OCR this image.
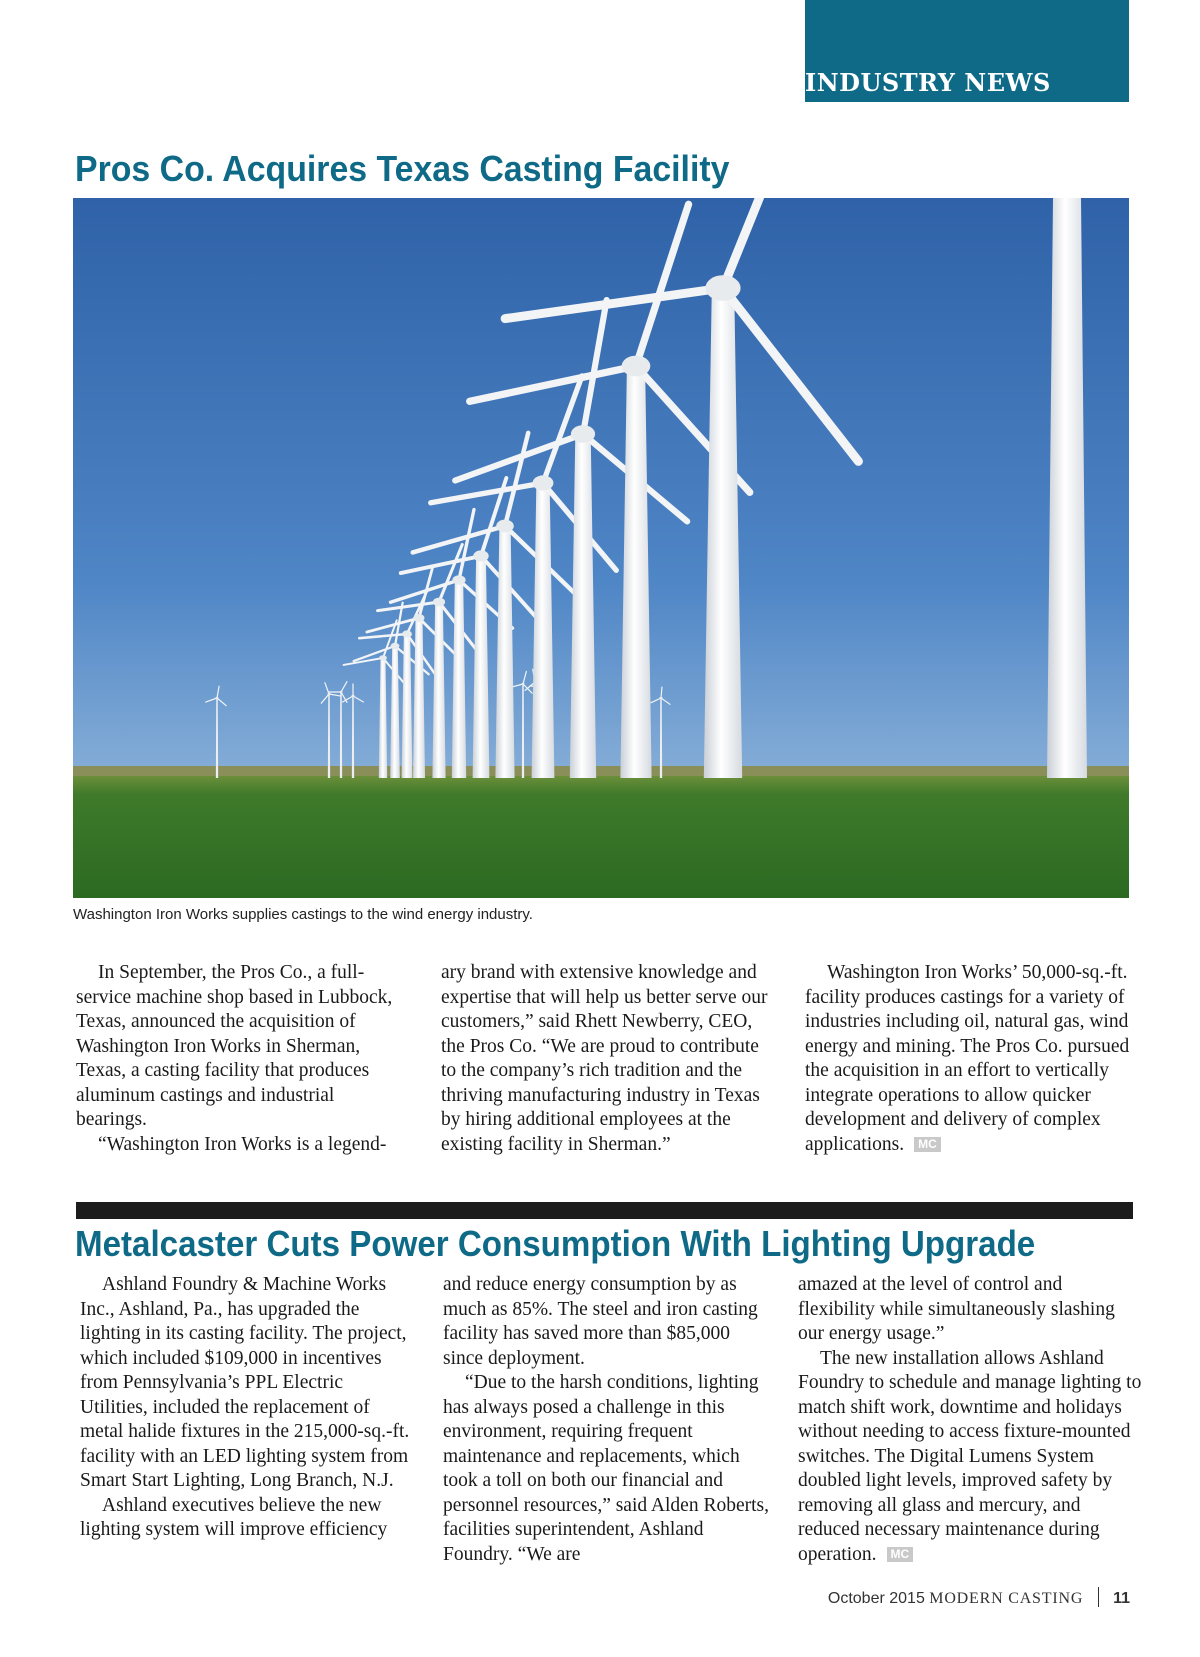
INDUSTRY NEWS
Pros Co. Acquires Texas Casting Facility
Washington Iron Works supplies castings to the wind energy industry.

In September, the Pros Co., a full-service machine shop based in Lubbock, Texas, announced the acquisition of Washington Iron Works in Sherman, Texas, a casting facility that produces aluminum castings and industrial bearings.

“Washington Iron Works is a legend-

ary brand with extensive knowledge and expertise that will help us better serve our customers,” said Rhett Newberry, CEO, the Pros Co. “We are proud to contribute to the company’s rich tradition and the thriving manufacturing industry in Texas by hiring additional employees at the existing facility in Sherman.”

Washington Iron Works’ 50,000-sq.-ft. facility produces castings for a variety of industries including oil, natural gas, wind energy and mining. The Pros Co. pursued the acquisition in an effort to vertically integrate operations to allow quicker development and delivery of complex applications. MC

Metalcaster Cuts Power Consumption With Lighting Upgrade

Ashland Foundry & Machine Works Inc., Ashland, Pa., has upgraded the lighting in its casting facility. The project, which included $109,000 in incentives from Pennsylvania’s PPL Electric Utilities, included the replacement of metal halide fixtures in the 215,000-sq.-ft. facility with an LED lighting system from Smart Start Lighting, Long Branch, N.J.

Ashland executives believe the new lighting system will improve efficiency

and reduce energy consumption by as much as 85%. The steel and iron casting facility has saved more than $85,000 since deployment.

“Due to the harsh conditions, lighting has always posed a challenge in this environment, requiring frequent maintenance and replacements, which took a toll on both our financial and personnel resources,” said Alden Roberts, facilities superintendent, Ashland Foundry. “We are

amazed at the level of control and flexibility while simultaneously slashing our energy usage.”

The new installation allows Ashland Foundry to schedule and manage lighting to match shift work, downtime and holidays without needing to access fixture-mounted switches. The Digital Lumens System doubled light levels, improved safety by removing all glass and mercury, and reduced necessary maintenance during operation. MC

October 2015 MODERN CASTING 11
